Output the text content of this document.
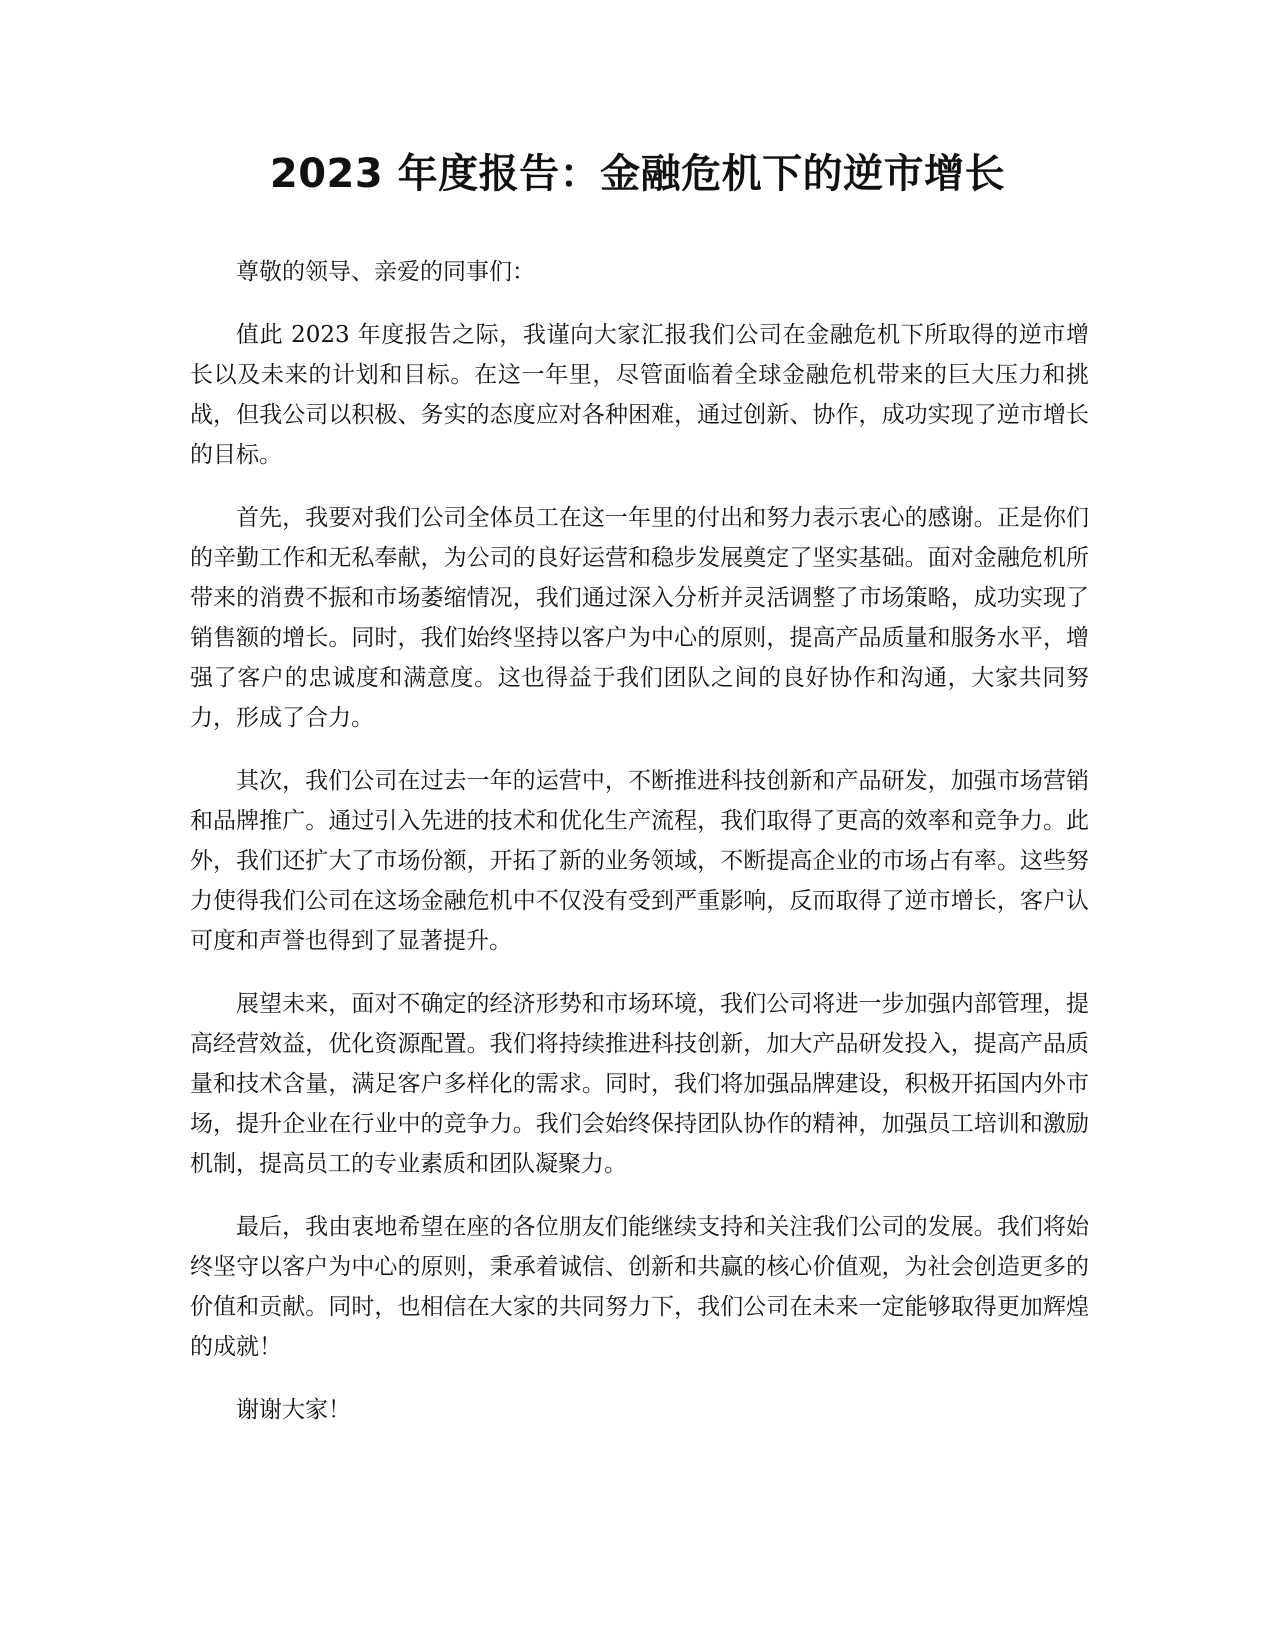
2023 年度报告：金融危机下的逆市增长

尊敬的领导、亲爱的同事们：

值此 2023 年度报告之际，我谨向大家汇报我们公司在金融危机下所取得的逆市增长以及未来的计划和目标。在这一年里，尽管面临着全球金融危机带来的巨大压力和挑战，但我公司以积极、务实的态度应对各种困难，通过创新、协作，成功实现了逆市增长的目标。

首先，我要对我们公司全体员工在这一年里的付出和努力表示衷心的感谢。正是你们的辛勤工作和无私奉献，为公司的良好运营和稳步发展奠定了坚实基础。面对金融危机所带来的消费不振和市场萎缩情况，我们通过深入分析并灵活调整了市场策略，成功实现了销售额的增长。同时，我们始终坚持以客户为中心的原则，提高产品质量和服务水平，增强了客户的忠诚度和满意度。这也得益于我们团队之间的良好协作和沟通，大家共同努力，形成了合力。

其次，我们公司在过去一年的运营中，不断推进科技创新和产品研发，加强市场营销和品牌推广。通过引入先进的技术和优化生产流程，我们取得了更高的效率和竞争力。此外，我们还扩大了市场份额，开拓了新的业务领域，不断提高企业的市场占有率。这些努力使得我们公司在这场金融危机中不仅没有受到严重影响，反而取得了逆市增长，客户认可度和声誉也得到了显著提升。

展望未来，面对不确定的经济形势和市场环境，我们公司将进一步加强内部管理，提高经营效益，优化资源配置。我们将持续推进科技创新，加大产品研发投入，提高产品质量和技术含量，满足客户多样化的需求。同时，我们将加强品牌建设，积极开拓国内外市场，提升企业在行业中的竞争力。我们会始终保持团队协作的精神，加强员工培训和激励机制，提高员工的专业素质和团队凝聚力。

最后，我由衷地希望在座的各位朋友们能继续支持和关注我们公司的发展。我们将始终坚守以客户为中心的原则，秉承着诚信、创新和共赢的核心价值观，为社会创造更多的价值和贡献。同时，也相信在大家的共同努力下，我们公司在未来一定能够取得更加辉煌的成就！

谢谢大家！
